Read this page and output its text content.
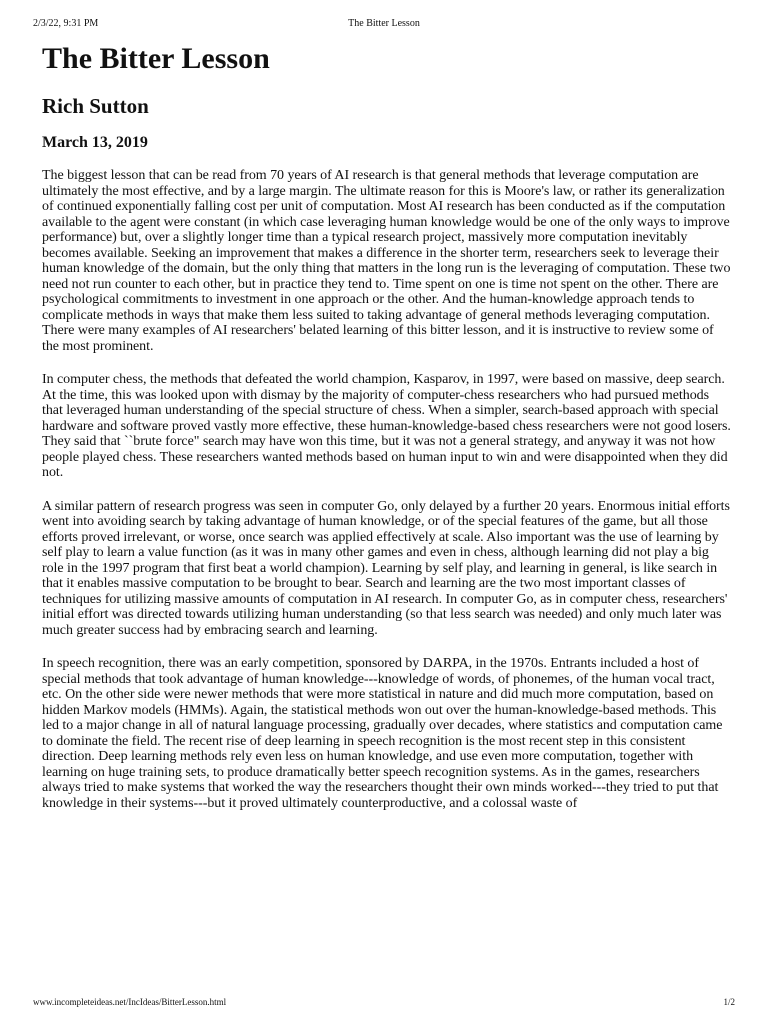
2/3/22, 9:31 PM	The Bitter Lesson
The Bitter Lesson
Rich Sutton
March 13, 2019

The biggest lesson that can be read from 70 years of AI research is that general methods that leverage computation are ultimately the most effective, and by a large margin. The ultimate reason for this is Moore's law, or rather its generalization of continued exponentially falling cost per unit of computation. Most AI research has been conducted as if the computation available to the agent were constant (in which case leveraging human knowledge would be one of the only ways to improve performance) but, over a slightly longer time than a typical research project, massively more computation inevitably becomes available. Seeking an improvement that makes a difference in the shorter term, researchers seek to leverage their human knowledge of the domain, but the only thing that matters in the long run is the leveraging of computation. These two need not run counter to each other, but in practice they tend to. Time spent on one is time not spent on the other. There are psychological commitments to investment in one approach or the other. And the human-knowledge approach tends to complicate methods in ways that make them less suited to taking advantage of general methods leveraging computation. There were many examples of AI researchers' belated learning of this bitter lesson, and it is instructive to review some of the most prominent.

In computer chess, the methods that defeated the world champion, Kasparov, in 1997, were based on massive, deep search. At the time, this was looked upon with dismay by the majority of computer-chess researchers who had pursued methods that leveraged human understanding of the special structure of chess. When a simpler, search-based approach with special hardware and software proved vastly more effective, these human-knowledge-based chess researchers were not good losers. They said that ``brute force" search may have won this time, but it was not a general strategy, and anyway it was not how people played chess. These researchers wanted methods based on human input to win and were disappointed when they did not.

A similar pattern of research progress was seen in computer Go, only delayed by a further 20 years. Enormous initial efforts went into avoiding search by taking advantage of human knowledge, or of the special features of the game, but all those efforts proved irrelevant, or worse, once search was applied effectively at scale. Also important was the use of learning by self play to learn a value function (as it was in many other games and even in chess, although learning did not play a big role in the 1997 program that first beat a world champion). Learning by self play, and learning in general, is like search in that it enables massive computation to be brought to bear. Search and learning are the two most important classes of techniques for utilizing massive amounts of computation in AI research. In computer Go, as in computer chess, researchers' initial effort was directed towards utilizing human understanding (so that less search was needed) and only much later was much greater success had by embracing search and learning.

In speech recognition, there was an early competition, sponsored by DARPA, in the 1970s. Entrants included a host of special methods that took advantage of human knowledge---knowledge of words, of phonemes, of the human vocal tract, etc. On the other side were newer methods that were more statistical in nature and did much more computation, based on hidden Markov models (HMMs). Again, the statistical methods won out over the human-knowledge-based methods. This led to a major change in all of natural language processing, gradually over decades, where statistics and computation came to dominate the field. The recent rise of deep learning in speech recognition is the most recent step in this consistent direction. Deep learning methods rely even less on human knowledge, and use even more computation, together with learning on huge training sets, to produce dramatically better speech recognition systems. As in the games, researchers always tried to make systems that worked the way the researchers thought their own minds worked---they tried to put that knowledge in their systems---but it proved ultimately counterproductive, and a colossal waste of

www.incompleteideas.net/IncIdeas/BitterLesson.html	1/2
